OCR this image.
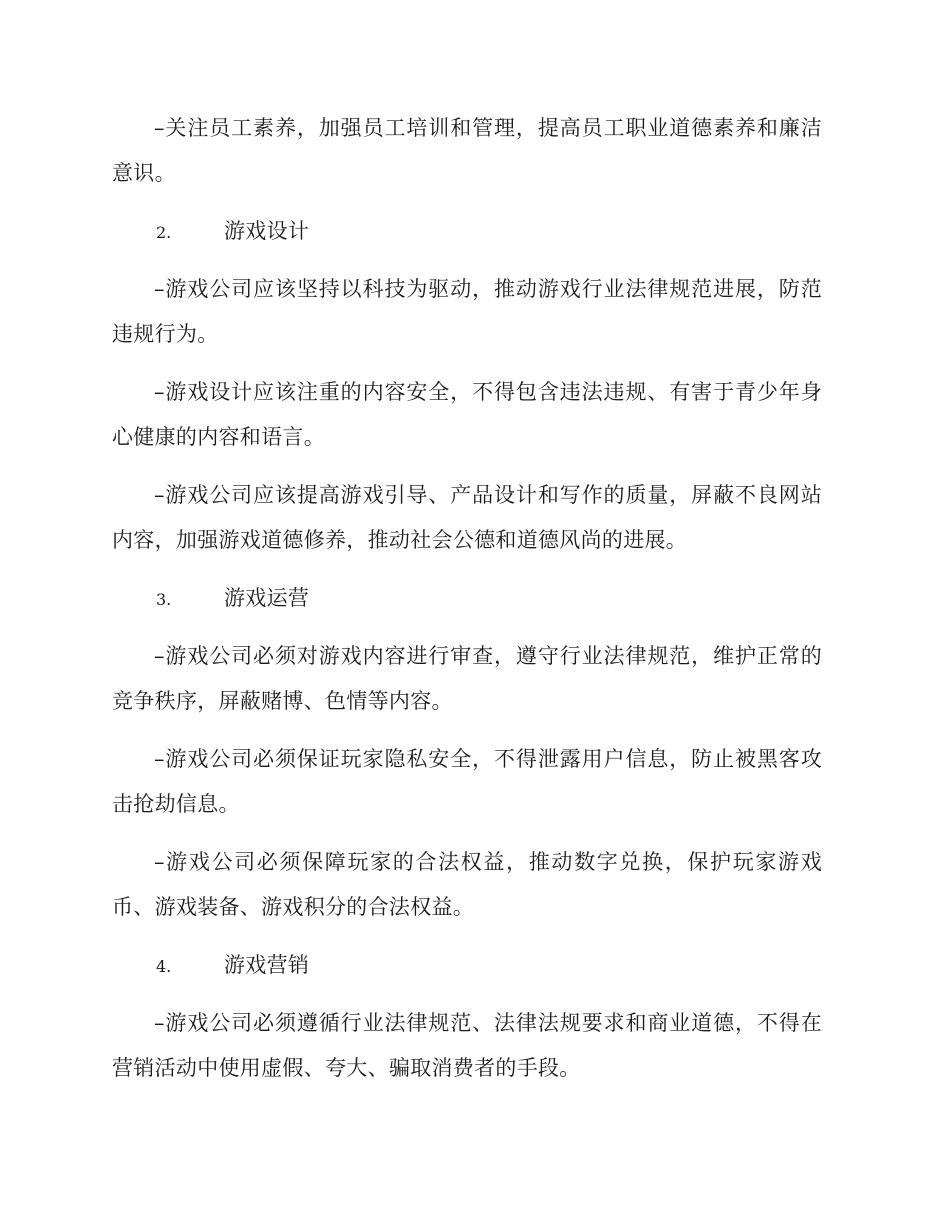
–关注员工素养，加强员工培训和管理，提高员工职业道德素养和廉洁意识。

2.	游戏设计

–游戏公司应该坚持以科技为驱动，推动游戏行业法律规范进展，防范违规行为。

–游戏设计应该注重的内容安全，不得包含违法违规、有害于青少年身心健康的内容和语言。

–游戏公司应该提高游戏引导、产品设计和写作的质量，屏蔽不良网站内容，加强游戏道德修养，推动社会公德和道德风尚的进展。

3.	游戏运营

–游戏公司必须对游戏内容进行审查，遵守行业法律规范，维护正常的竞争秩序，屏蔽赌博、色情等内容。

–游戏公司必须保证玩家隐私安全，不得泄露用户信息，防止被黑客攻击抢劫信息。

–游戏公司必须保障玩家的合法权益，推动数字兑换，保护玩家游戏币、游戏装备、游戏积分的合法权益。

4.	游戏营销

–游戏公司必须遵循行业法律规范、法律法规要求和商业道德，不得在营销活动中使用虚假、夸大、骗取消费者的手段。
